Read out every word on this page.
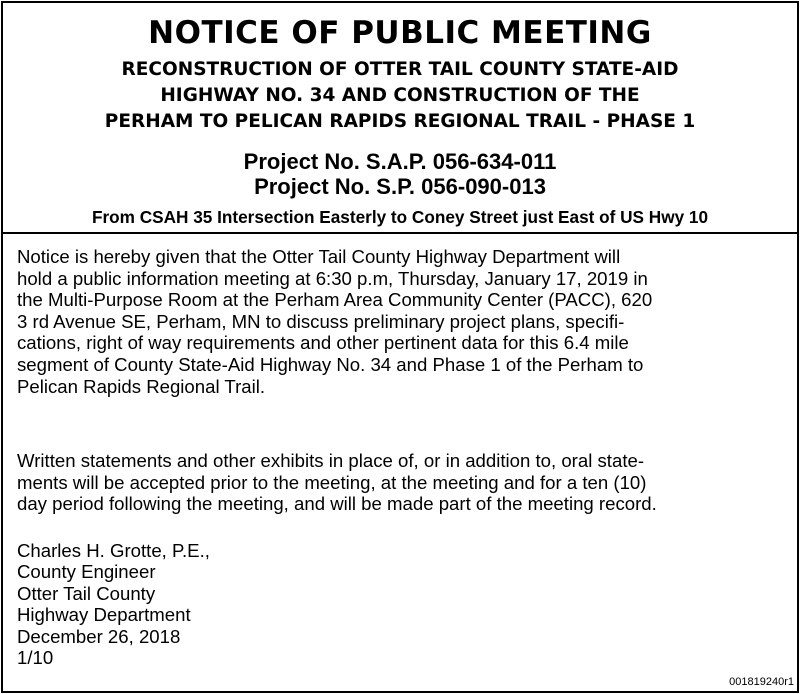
NOTICE OF PUBLIC MEETING
RECONSTRUCTION OF OTTER TAIL COUNTY STATE-AID
HIGHWAY NO. 34 AND CONSTRUCTION OF THE
PERHAM TO PELICAN RAPIDS REGIONAL TRAIL - PHASE 1
Project No. S.A.P. 056-634-011
Project No. S.P. 056-090-013
From CSAH 35 Intersection Easterly to Coney Street just East of US Hwy 10
Notice is hereby given that the Otter Tail County Highway Department will
hold a public information meeting at 6:30 p.m, Thursday, January 17, 2019 in
the Multi-Purpose Room at the Perham Area Community Center (PACC), 620
3 rd Avenue SE, Perham, MN to discuss preliminary project plans, specifi-
cations, right of way requirements and other pertinent data for this 6.4 mile
segment of County State-Aid Highway No. 34 and Phase 1 of the Perham to
Pelican Rapids Regional Trail.
Written statements and other exhibits in place of, or in addition to, oral state-
ments will be accepted prior to the meeting, at the meeting and for a ten (10)
day period following the meeting, and will be made part of the meeting record.
Charles H. Grotte, P.E.,
County Engineer
Otter Tail County
Highway Department
December 26, 2018
1/10
001819240r1
